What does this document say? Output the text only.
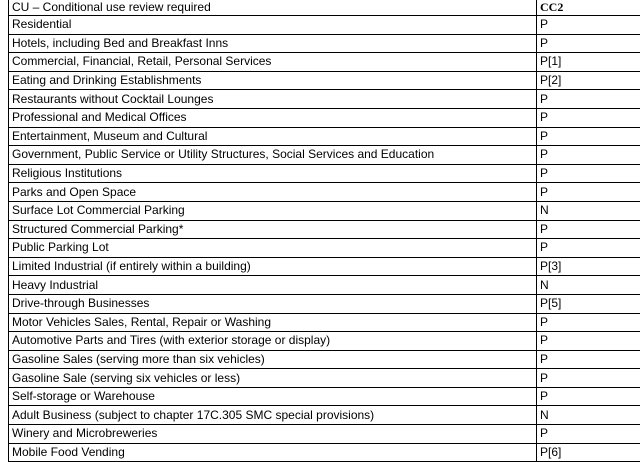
CU – Conditional use review required	CC2
Residential	P
Hotels, including Bed and Breakfast Inns	P
Commercial, Financial, Retail, Personal Services	P[1]
Eating and Drinking Establishments	P[2]
Restaurants without Cocktail Lounges	P
Professional and Medical Offices	P
Entertainment, Museum and Cultural	P
Government, Public Service or Utility Structures, Social Services and Education	P
Religious Institutions	P
Parks and Open Space	P
Surface Lot Commercial Parking	N
Structured Commercial Parking*	P
Public Parking Lot	P
Limited Industrial (if entirely within a building)	P[3]
Heavy Industrial	N
Drive-through Businesses	P[5]
Motor Vehicles Sales, Rental, Repair or Washing	P
Automotive Parts and Tires (with exterior storage or display)	P
Gasoline Sales (serving more than six vehicles)	P
Gasoline Sale (serving six vehicles or less)	P
Self-storage or Warehouse	P
Adult Business (subject to chapter 17C.305 SMC special provisions)	N
Winery and Microbreweries	P
Mobile Food Vending	P[6]
